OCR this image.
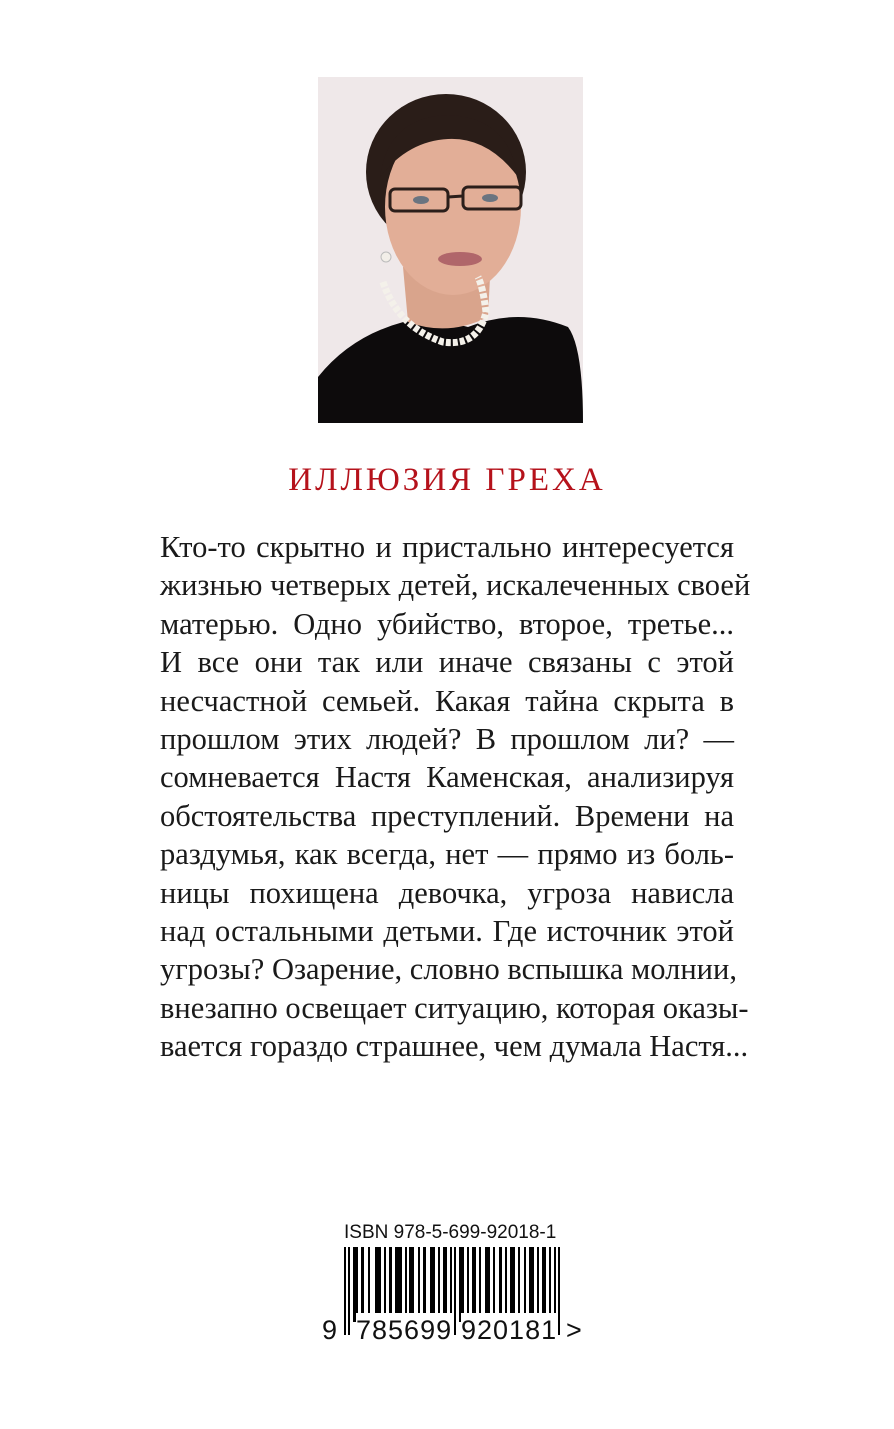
ИЛЛЮЗИЯ ГРЕХА
Кто-то скрытно и пристально интересуется
жизнью четверых детей, искалеченных своей
матерью. Одно убийство, второе, третье...
И все они так или иначе связаны с этой
несчастной семьей. Какая тайна скрыта в
прошлом этих людей? В прошлом ли? —
сомневается Настя Каменская, анализируя
обстоятельства преступлений. Времени на
раздумья, как всегда, нет — прямо из боль-
ницы похищена девочка, угроза нависла
над остальными детьми. Где источник этой
угрозы? Озарение, словно вспышка молнии,
внезапно освещает ситуацию, которая оказы-
вается гораздо страшнее, чем думала Настя...
ISBN 978-5-699-92018-1
9 785699 920181 >
